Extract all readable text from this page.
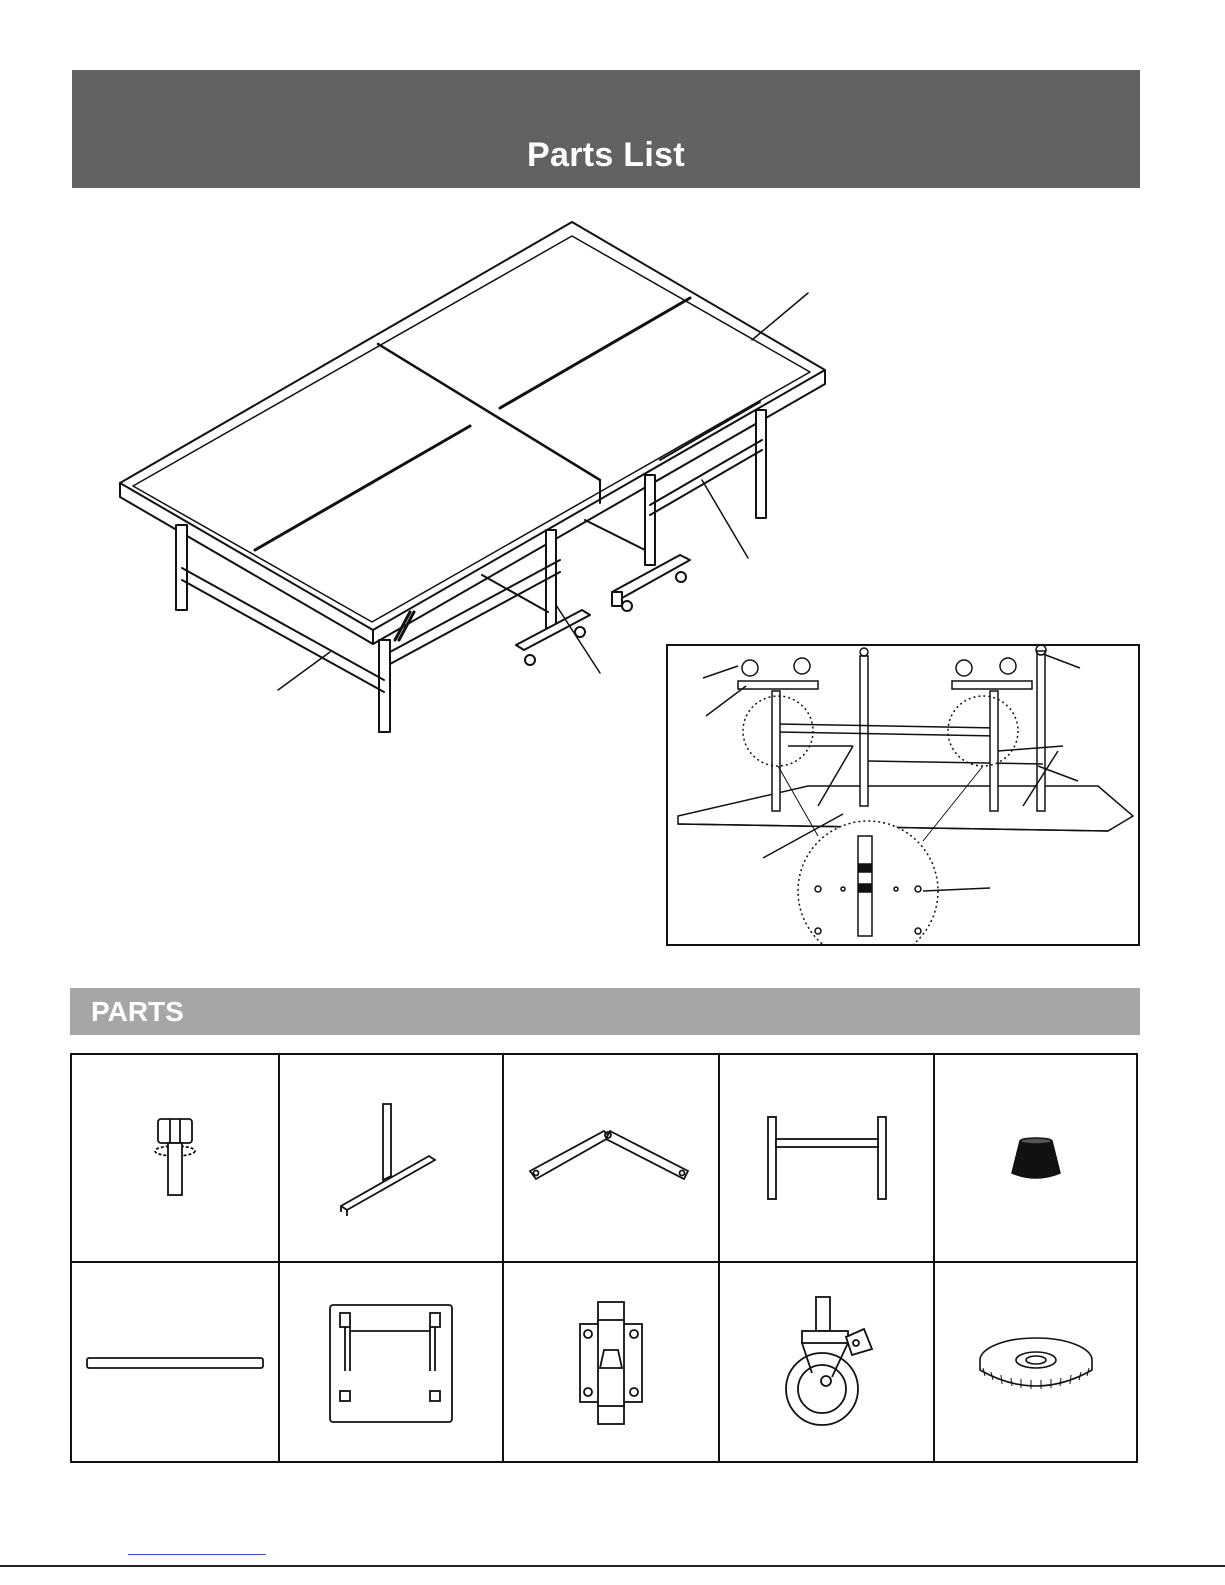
Parts List
PARTS
